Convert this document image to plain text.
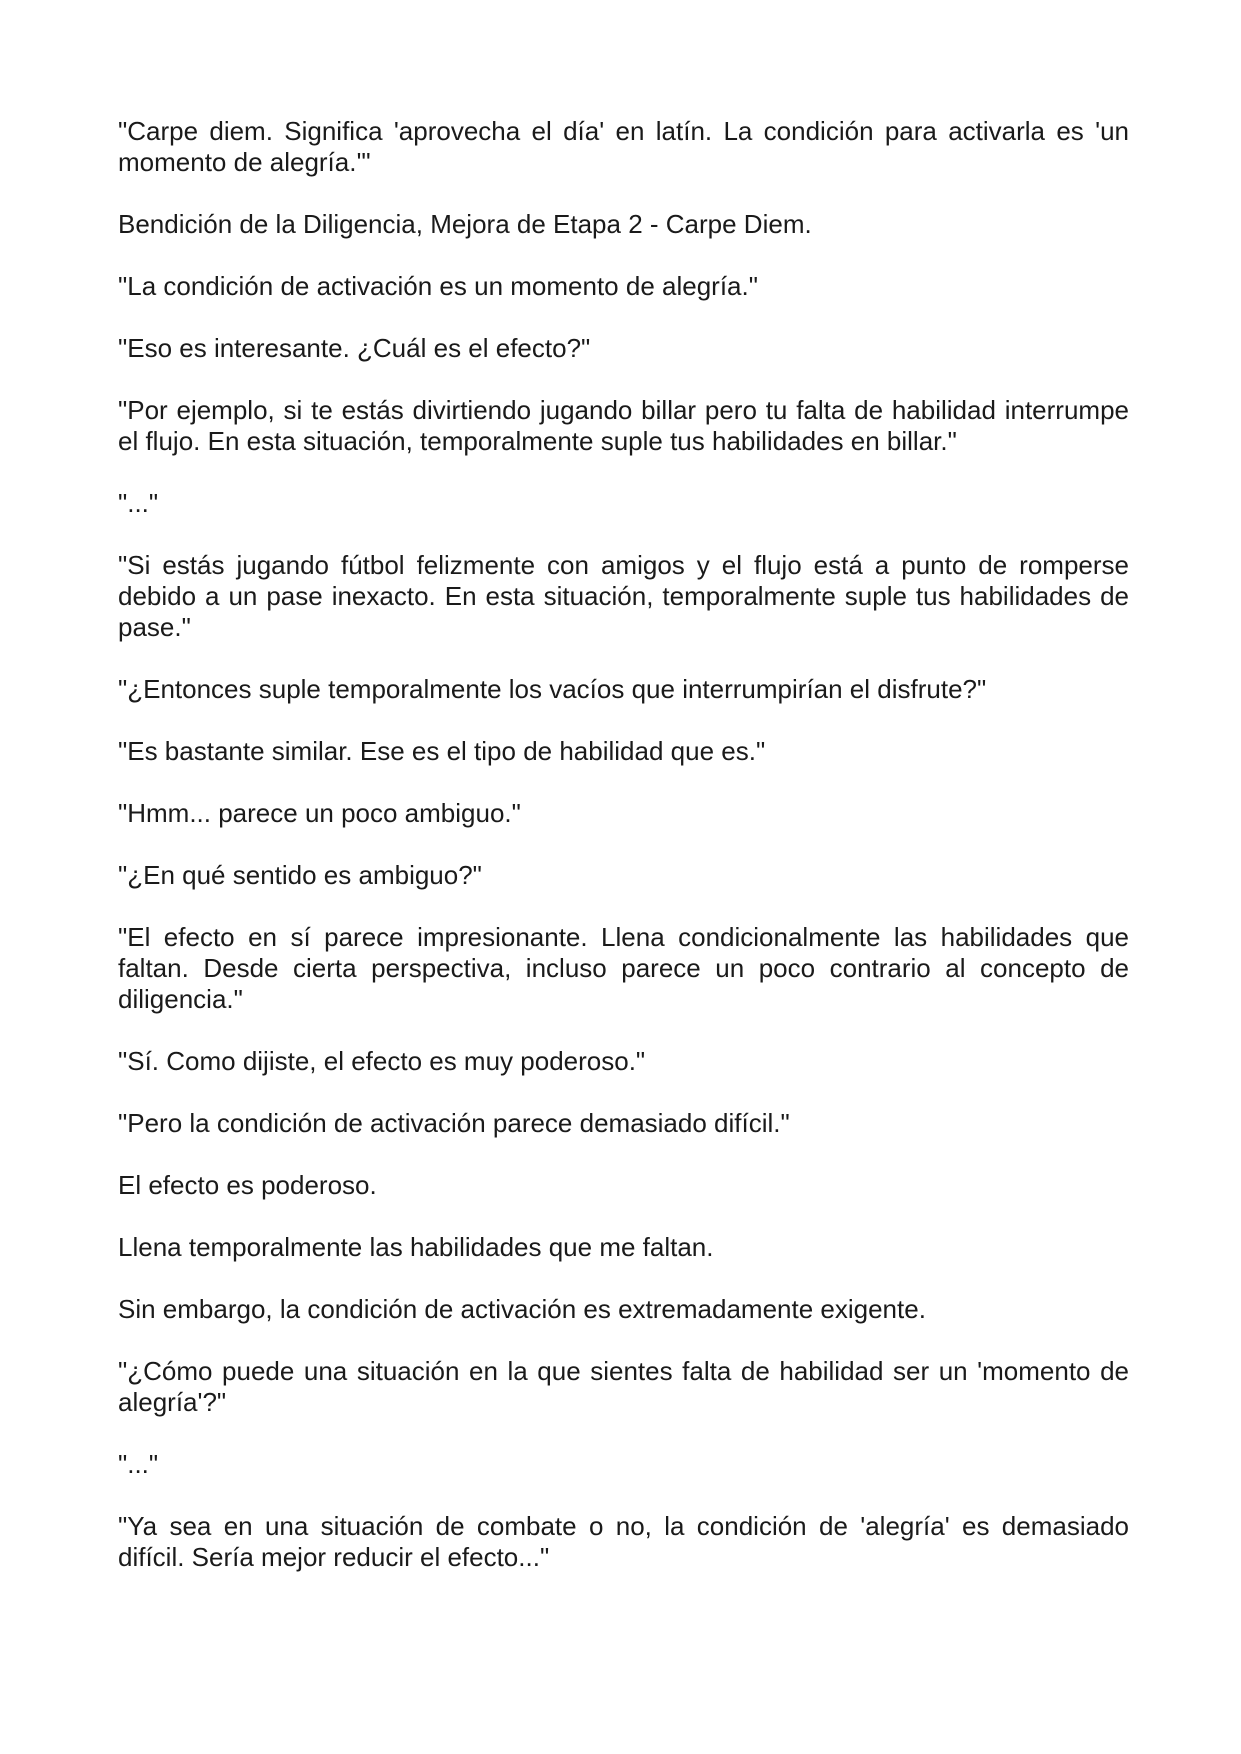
"Carpe diem. Significa 'aprovecha el día' en latín. La condición para activarla es 'un momento de alegría.'"

Bendición de la Diligencia, Mejora de Etapa 2 - Carpe Diem.

"La condición de activación es un momento de alegría."

"Eso es interesante. ¿Cuál es el efecto?"

"Por ejemplo, si te estás divirtiendo jugando billar pero tu falta de habilidad interrumpe el flujo. En esta situación, temporalmente suple tus habilidades en billar."

"..."

"Si estás jugando fútbol felizmente con amigos y el flujo está a punto de romperse debido a un pase inexacto. En esta situación, temporalmente suple tus habilidades de pase."

"¿Entonces suple temporalmente los vacíos que interrumpirían el disfrute?"

"Es bastante similar. Ese es el tipo de habilidad que es."

"Hmm... parece un poco ambiguo."

"¿En qué sentido es ambiguo?"

"El efecto en sí parece impresionante. Llena condicionalmente las habilidades que faltan. Desde cierta perspectiva, incluso parece un poco contrario al concepto de diligencia."

"Sí. Como dijiste, el efecto es muy poderoso."

"Pero la condición de activación parece demasiado difícil."

El efecto es poderoso.

Llena temporalmente las habilidades que me faltan.

Sin embargo, la condición de activación es extremadamente exigente.

"¿Cómo puede una situación en la que sientes falta de habilidad ser un 'momento de alegría'?"

"..."

"Ya sea en una situación de combate o no, la condición de 'alegría' es demasiado difícil. Sería mejor reducir el efecto..."
